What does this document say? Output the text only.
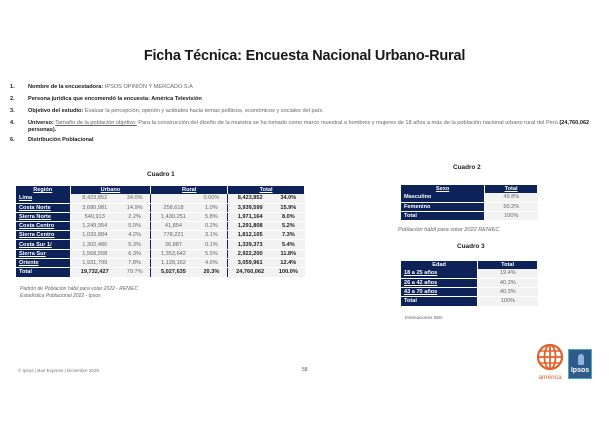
Ficha Técnica: Encuesta Nacional Urbano-Rural
1.	Nombre de la encuestadora: IPSOS OPINIÓN Y MERCADO S.A
2.	Persona jurídica que encomendó la encuesta: América Televisión
3.	Objetivo del estudio: Evaluar la percepción, opinión y actitudes hacia temas políticos, económicos y sociales del país.
4.	Universo: Tamaño de la población objetivo: Para la construcción del diseño de la muestra se ha tomado como marco muestral a hombres y mujeres de 18 años a más de la población nacional urbano rural del Perú (24,760,062 personas).
6.	Distribución Poblacional
Cuadro 1
Región	Urbano		Rural		Total	
Lima	8,423,852	34.0%		0.00%	8,423,852	34.0%
Costa Norte	3,680,981	14.9%	258,618	1.0%	3,939,599	15.9%
Sierra Norte	540,913	2.2%	1,430,251	5.8%	1,971,164	8.0%
Costa Centro	1,249,954	5.0%	41,854	0.2%	1,291,808	5.2%
Sierra Centro	1,033,884	4.2%	778,221	3.1%	1,812,105	7.3%
Costa Sur 1/	1,302,486	5.3%	36,887	0.1%	1,339,373	5.4%
Sierra Sur	1,568,558	6.3%	1,353,642	5.5%	2,922,200	11.8%
Oriente	1,931,799	7.8%	1,128,162	4.6%	3,059,961	12.4%
Total	19,732,427	79.7%	5,027,635	20.3%	24,760,062	100.0%
Padrón de Población hábil para votar 2022 - RENIEC
Estadística Poblacional 2022 - Ipsos
Cuadro 2
Sexo	Total
Masculino	49.8%
Femenino	50.2%
Total	100%
Población hábil para votar 2022 RENIEC
Cuadro 3
Edad	Total
18 a 25 años	19.4%
26 a 42 años	40.3%
43 a 70 años	40.3%
Total	100%
Estimaciones INEI
© Ipsos | Bus Express | Diciembre 2025	58
américa
Ipsos
